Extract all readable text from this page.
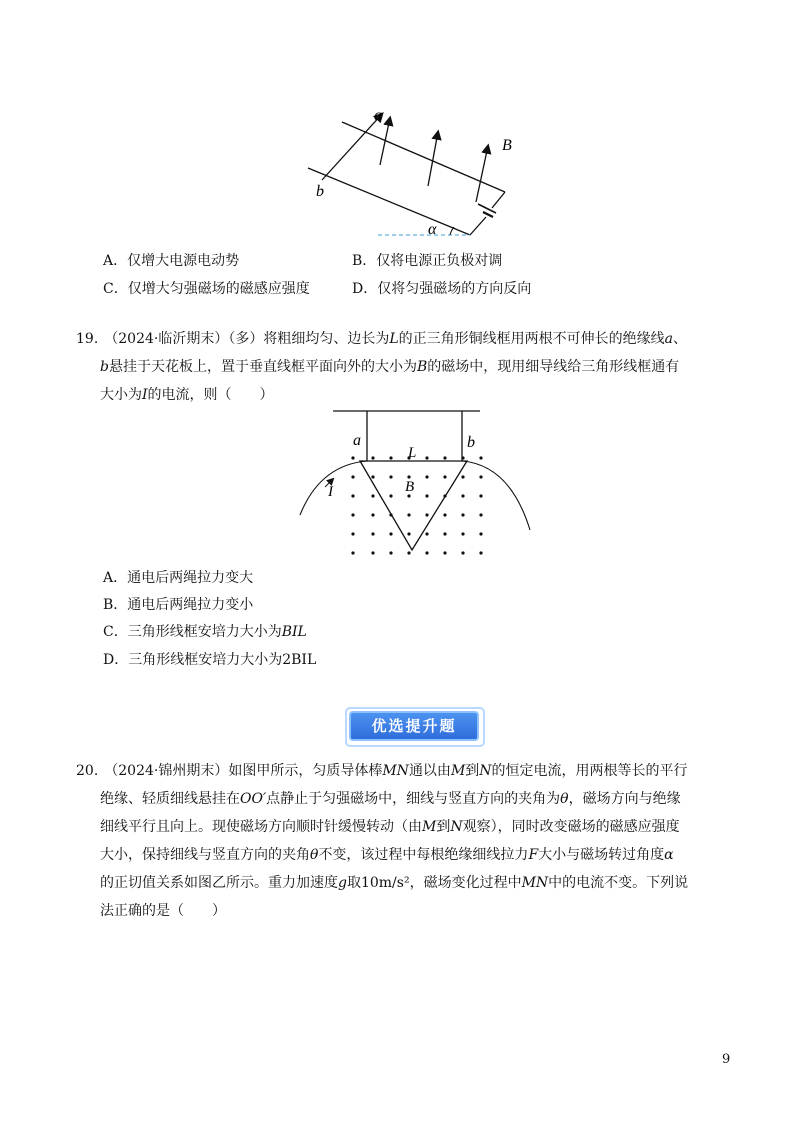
a
b
B
α
A．仅增大电源电动势	B．仅将电源正负极对调
C．仅增大匀强磁场的磁感应强度	D．仅将匀强磁场的方向反向
19. （2024·临沂期末）（多）将粗细均匀、边长为L的正三角形铜线框用两根不可伸长的绝缘线a、
b悬挂于天花板上，置于垂直线框平面向外的大小为B的磁场中，现用细导线给三角形线框通有
大小为I的电流，则（　　）
a	b
L
B
I
A．通电后两绳拉力变大
B．通电后两绳拉力变小
C．三角形线框安培力大小为BIL
D．三角形线框安培力大小为2BIL
优选提升题
20. （2024·锦州期末）如图甲所示，匀质导体棒MN通以由M到N的恒定电流，用两根等长的平行
绝缘、轻质细线悬挂在OO′点静止于匀强磁场中，细线与竖直方向的夹角为θ，磁场方向与绝缘
细线平行且向上。现使磁场方向顺时针缓慢转动（由M到N观察），同时改变磁场的磁感应强度
大小，保持细线与竖直方向的夹角θ不变，该过程中每根绝缘细线拉力F大小与磁场转过角度α
的正切值关系如图乙所示。重力加速度g取10m/s²，磁场变化过程中MN中的电流不变。下列说
法正确的是（　　）
9
